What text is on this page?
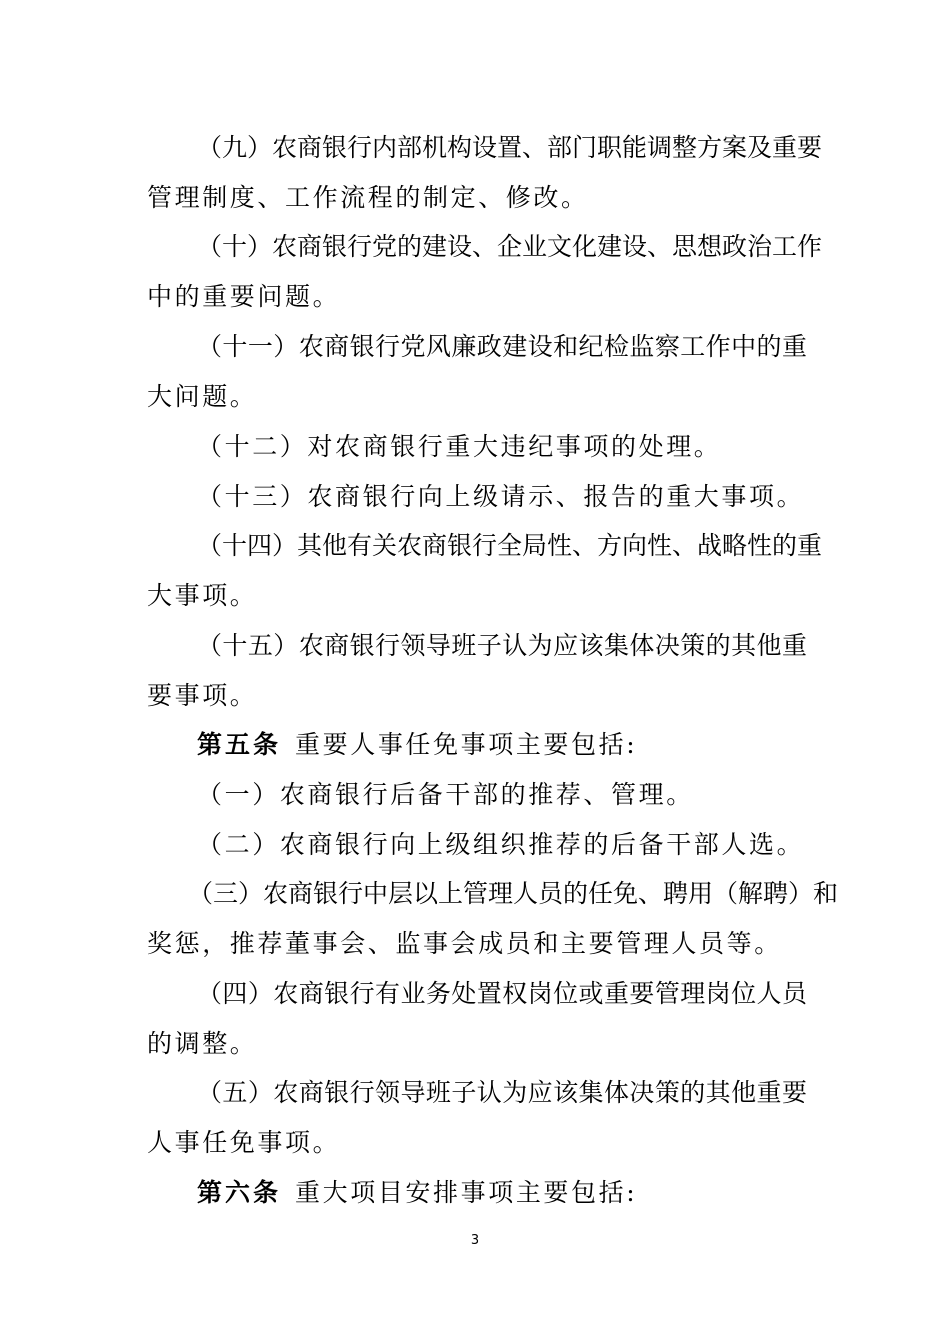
（九）农商银行内部机构设置、部门职能调整方案及重要
管理制度、工作流程的制定、修改。
（十）农商银行党的建设、企业文化建设、思想政治工作
中的重要问题。
（十一）农商银行党风廉政建设和纪检监察工作中的重
大问题。
（十二）对农商银行重大违纪事项的处理。
（十三）农商银行向上级请示、报告的重大事项。
（十四）其他有关农商银行全局性、方向性、战略性的重
大事项。
（十五）农商银行领导班子认为应该集体决策的其他重
要事项。
第五条 重要人事任免事项主要包括:
（一）农商银行后备干部的推荐、管理。
（二）农商银行向上级组织推荐的后备干部人选。
（三）农商银行中层以上管理人员的任免、聘用（解聘）和
奖惩，推荐董事会、监事会成员和主要管理人员等。
（四）农商银行有业务处置权岗位或重要管理岗位人员
的调整。
（五）农商银行领导班子认为应该集体决策的其他重要
人事任免事项。
第六条 重大项目安排事项主要包括:
3
